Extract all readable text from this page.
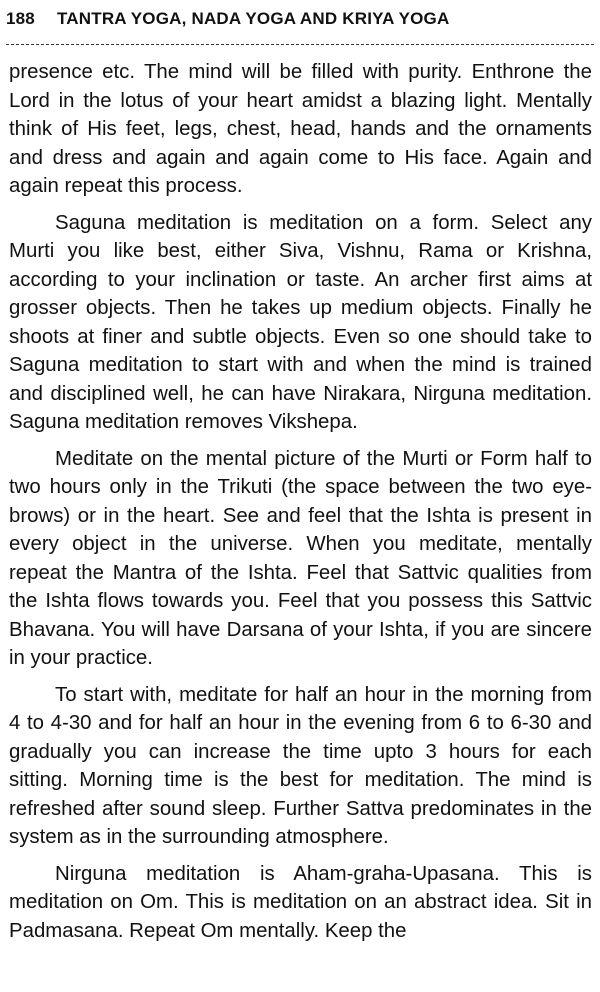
188 TANTRA YOGA, NADA YOGA AND KRIYA YOGA

presence etc. The mind will be filled with purity. Enthrone the Lord in the lotus of your heart amidst a blazing light. Mentally think of His feet, legs, chest, head, hands and the ornaments and dress and again and again come to His face. Again and again repeat this process.

Saguna meditation is meditation on a form. Select any Murti you like best, either Siva, Vishnu, Rama or Krishna, according to your inclination or taste. An archer first aims at grosser objects. Then he takes up medium objects. Finally he shoots at finer and subtle objects. Even so one should take to Saguna meditation to start with and when the mind is trained and disciplined well, he can have Nirakara, Nirguna meditation. Saguna meditation removes Vikshepa.

Meditate on the mental picture of the Murti or Form half to two hours only in the Trikuti (the space between the two eye-brows) or in the heart. See and feel that the Ishta is present in every object in the universe. When you meditate, mentally repeat the Mantra of the Ishta. Feel that Sattvic qualities from the Ishta flows towards you. Feel that you possess this Sattvic Bhavana. You will have Darsana of your Ishta, if you are sincere in your practice.

To start with, meditate for half an hour in the morning from 4 to 4-30 and for half an hour in the evening from 6 to 6-30 and gradually you can increase the time upto 3 hours for each sitting. Morning time is the best for meditation. The mind is refreshed after sound sleep. Further Sattva predominates in the system as in the surrounding atmosphere.

Nirguna meditation is Aham-graha-Upasana. This is meditation on Om. This is meditation on an abstract idea. Sit in Padmasana. Repeat Om mentally. Keep the
